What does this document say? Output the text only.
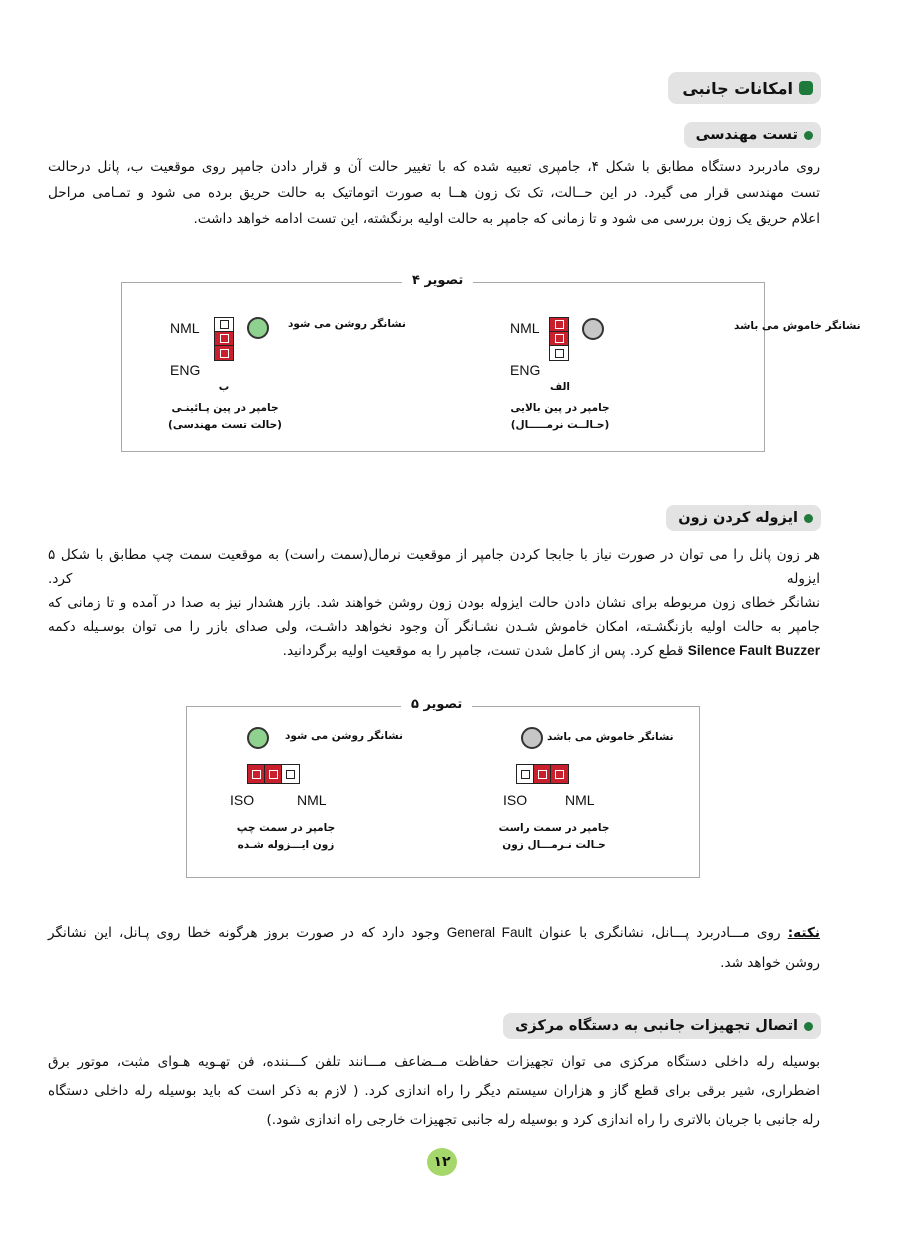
امکانات جانبی
تست مهندسی
روی مادربرد دستگاه مطابق با شکل ۴، جامپری تعبیه شده که با تغییر حالت آن و قرار دادن جامپر روی موقعیت ب، پانل درحالت
تست مهندسی قرار می گیرد. در این حــالت، تک تک زون هــا به صورت اتوماتیک به حالت حریق برده می شود و تمـامی مراحل
اعلام حریق یک زون بررسی می شود و تا زمانی که جامپر به حالت اولیه برنگشته، این تست ادامه خواهد داشت.
تصویر ۴
نشانگر خاموش می باشد
NML
ENG
الف
جامپر در پین بالایی
(حـالــت نرمـــــال)
نشانگر روشن می شود
NML
ENG
ب
جامپر در پین پـائینـی
(حالت تست مهندسی)
ایزوله کردن زون
هر زون پانل را می توان در صورت نیاز با جابجا کردن جامپر از موقعیت نرمال(سمت راست) به موقعیت سمت چپ مطابق با شکل ۵ ایزوله کرد.
نشانگر خطای زون مربوطه برای نشان دادن حالت ایزوله بودن زون روشن خواهند شد. بازر هشدار نیز به صدا در آمده و تا زمانی که
جامپر به حالت اولیه بازنگشـته، امکان خاموش شـدن نشـانگر آن وجود نخواهد داشـت، ولی صدای بازر را می توان بوسـیله دکمه
Silence Fault Buzzer قطع کرد. پس از کامل شدن تست، جامپر را به موقعیت اولیه برگردانید.
تصویر ۵
نشانگر خاموش می باشد
ISO	NML
جامپر در سمت راست
حـالت نـرمـــال زون
نشانگر روشن می شود
ISO	NML
جامپر در سمت چپ
زون ایـــزوله شـده
نکته: روی مـــادربرد پـــانل، نشانگری با عنوان General Fault وجود دارد که در صورت بروز هرگونه خطا روی پـانل، این نشانگر
روشن خواهد شد.
اتصال تجهیزات جانبی به دستگاه مرکزی
بوسیله رله داخلی دستگاه مرکزی می توان تجهیزات حفاظت مــضاعف مـــانند تلفن کـــننده، فن تهـویه هـوای مثبت، موتور برق
اضطراری، شیر برقی برای قطع گاز و هزاران سیستم دیگر را راه اندازی کرد. ( لازم به ذکر است که باید بوسیله رله داخلی دستگاه
رله جانبی با جریان بالاتری را راه اندازی کرد و بوسیله رله جانبی تجهیزات خارجی راه اندازی شود.)
۱۲
